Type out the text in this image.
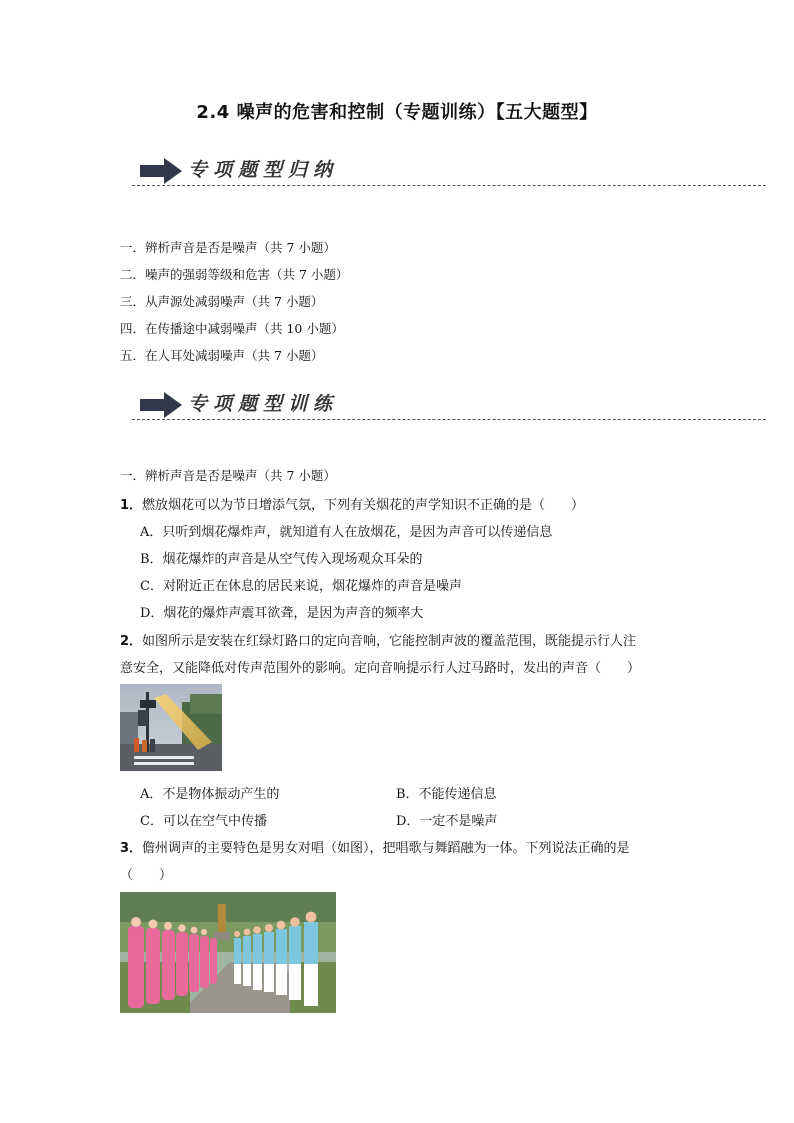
2.4 噪声的危害和控制（专题训练）【五大题型】
专项题型归纳
一．辨析声音是否是噪声（共 7 小题）
二．噪声的强弱等级和危害（共 7 小题）
三．从声源处减弱噪声（共 7 小题）
四．在传播途中减弱噪声（共 10 小题）
五．在人耳处减弱噪声（共 7 小题）
专项题型训练
一．辨析声音是否是噪声（共 7 小题）
1．燃放烟花可以为节日增添气氛，下列有关烟花的声学知识不正确的是（　　）
A．只听到烟花爆炸声，就知道有人在放烟花，是因为声音可以传递信息
B．烟花爆炸的声音是从空气传入现场观众耳朵的
C．对附近正在休息的居民来说，烟花爆炸的声音是噪声
D．烟花的爆炸声震耳欲聋，是因为声音的频率大
2．如图所示是安装在红绿灯路口的定向音响，它能控制声波的覆盖范围，既能提示行人注
意安全，又能降低对传声范围外的影响。定向音响提示行人过马路时，发出的声音（　　）
A．不是物体振动产生的	B．不能传递信息
C．可以在空气中传播	D．一定不是噪声
3．儋州调声的主要特色是男女对唱（如图），把唱歌与舞蹈融为一体。下列说法正确的是
（　　）
